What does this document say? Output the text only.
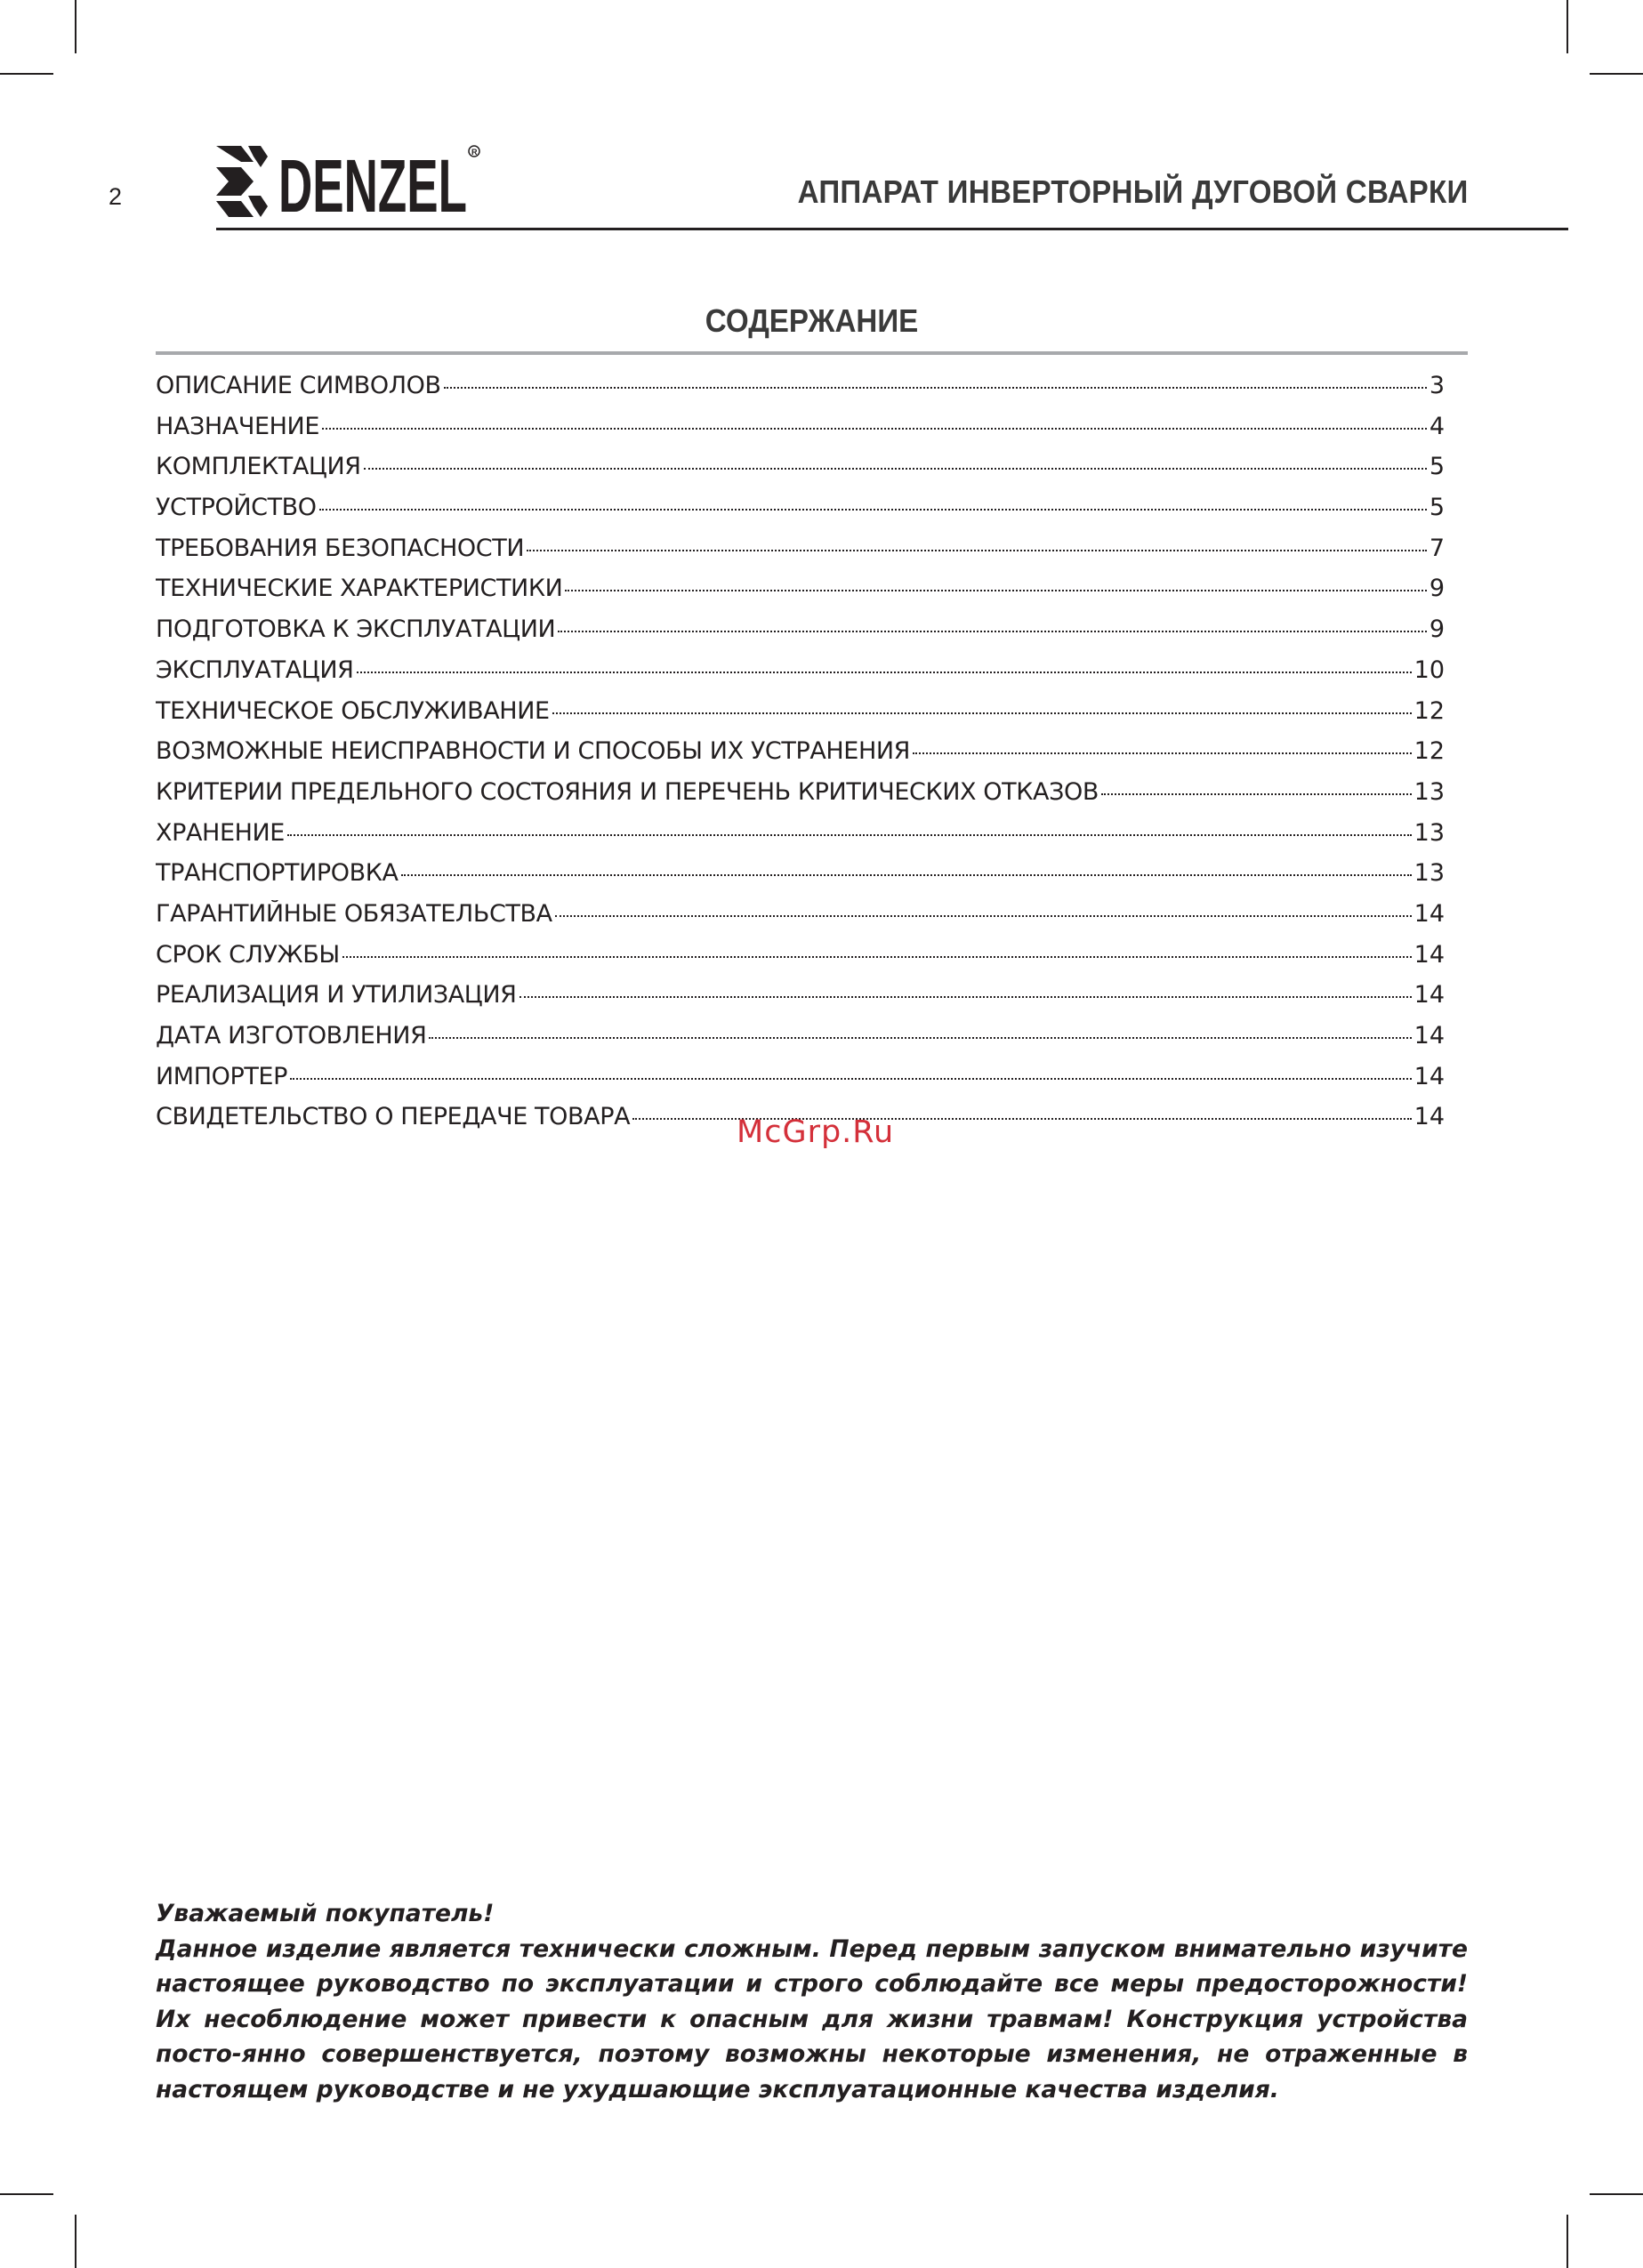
2 DENZEL R
АППАРАТ ИНВЕРТОРНЫЙ ДУГОВОЙ СВАРКИ
СОДЕРЖАНИЕ
ОПИСАНИЕ СИМВОЛОВ	3
НАЗНАЧЕНИЕ	4
КОМПЛЕКТАЦИЯ	5
УСТРОЙСТВО	5
ТРЕБОВАНИЯ БЕЗОПАСНОСТИ	7
ТЕХНИЧЕСКИЕ ХАРАКТЕРИСТИКИ	9
ПОДГОТОВКА К ЭКСПЛУАТАЦИИ	9
ЭКСПЛУАТАЦИЯ	10
ТЕХНИЧЕСКОЕ ОБСЛУЖИВАНИЕ	12
ВОЗМОЖНЫЕ НЕИСПРАВНОСТИ И СПОСОБЫ ИХ УСТРАНЕНИЯ	12
КРИТЕРИИ ПРЕДЕЛЬНОГО СОСТОЯНИЯ И ПЕРЕЧЕНЬ КРИТИЧЕСКИХ ОТКАЗОВ	13
ХРАНЕНИЕ	13
ТРАНСПОРТИРОВКА	13
ГАРАНТИЙНЫЕ ОБЯЗАТЕЛЬСТВА	14
СРОК СЛУЖБЫ	14
РЕАЛИЗАЦИЯ И УТИЛИЗАЦИЯ	14
ДАТА ИЗГОТОВЛЕНИЯ	14
ИМПОРТЕР	14
СВИДЕТЕЛЬСТВО О ПЕРЕДАЧЕ ТОВАРА	14
McGrp.Ru

Уважаемый покупатель!

Данное изделие является технически сложным. Перед первым запуском внимательно изучите настоящее руководство по эксплуатации и строго соблюдайте все меры предосторожности! Их несоблюдение может привести к опасным для жизни травмам! Конструкция устройства посто-янно совершенствуется, поэтому возможны некоторые изменения, не отраженные в настоящем руководстве и не ухудшающие эксплуатационные качества изделия.
